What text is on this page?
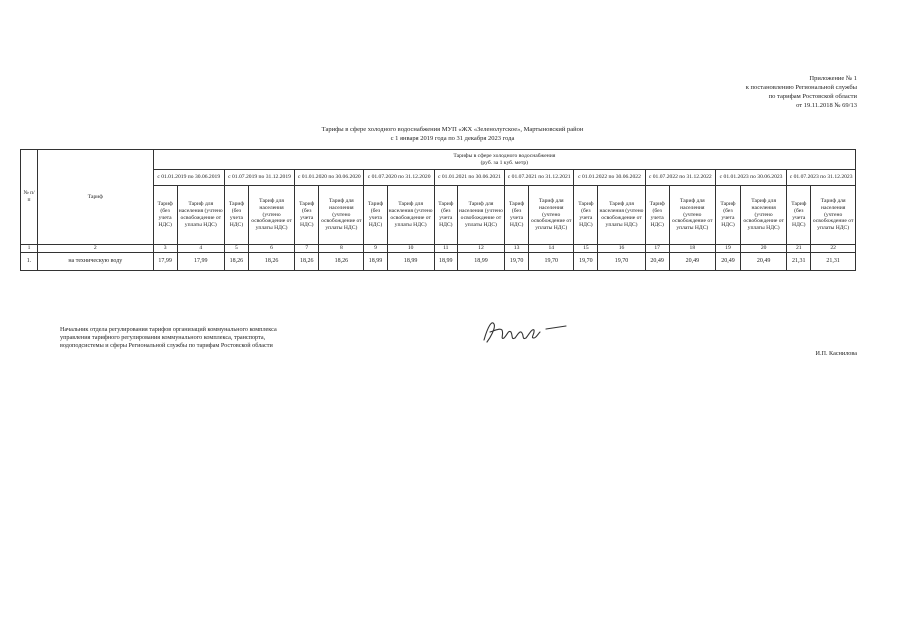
Приложение № 1
к постановлению Региональной службы
по тарифам Ростовской области
от 19.11.2018 № 69/13
Тарифы в сфере холодного водоснабжения МУП «ЖХ «Зеленолугское», Мартыновский район
с 1 января 2019 года по 31 декабря 2023 года
№ п/п	Тариф	Тарифы в сфере холодного водоснабжения
(руб. за 1 куб. метр)																			

		с 01.01.2019 по 30.06.2019		с 01.07.2019 по 31.12.2019		с 01.01.2020 по 30.06.2020		с 01.07.2020 по 31.12.2020		с 01.01.2021 по 30.06.2021		с 01.07.2021 по 31.12.2021		с 01.01.2022 по 30.06.2022		с 01.07.2022 по 31.12.2022		с 01.01.2023 по 30.06.2023		с 01.07.2023 по 31.12.2023	
		Тариф (без учета НДС)	Тариф для населения (учтено освобождение от уплаты НДС)	Тариф (без учета НДС)	Тариф для населения (учтено освобождение от уплаты НДС)	Тариф (без учета НДС)	Тариф для населения (учтено освобождение от уплаты НДС)	Тариф (без учета НДС)	Тариф для населения (учтено освобождение от уплаты НДС)	Тариф (без учета НДС)	Тариф для населения (учтено освобождение от уплаты НДС)	Тариф (без учета НДС)	Тариф для населения (учтено освобождение от уплаты НДС)	Тариф (без учета НДС)	Тариф для населения (учтено освобождение от уплаты НДС)	Тариф (без учета НДС)	Тариф для населения (учтено освобождение от уплаты НДС)	Тариф (без учета НДС)	Тариф для населения (учтено освобождение от уплаты НДС)	Тариф (без учета НДС)	Тариф для населения (учтено освобождение от уплаты НДС)
1	2	3	4	5	6	7	8	9	10	11	12	13	14	15	16	17	18	19	20	21	22
1.	на техническую воду	17,99	17,99	18,26	18,26	18,26	18,26	18,99	18,99	18,99	18,99	19,70	19,70	19,70	19,70	20,49	20,49	20,49	20,49	21,31	21,31
Начальник отдела регулирования тарифов организаций коммунального комплекса управления тарифного регулирования коммунального комплекса, транспорта, водоподсистемы и сферы Региональной службы по тарифам Ростовской области
И.П. Каснилова
